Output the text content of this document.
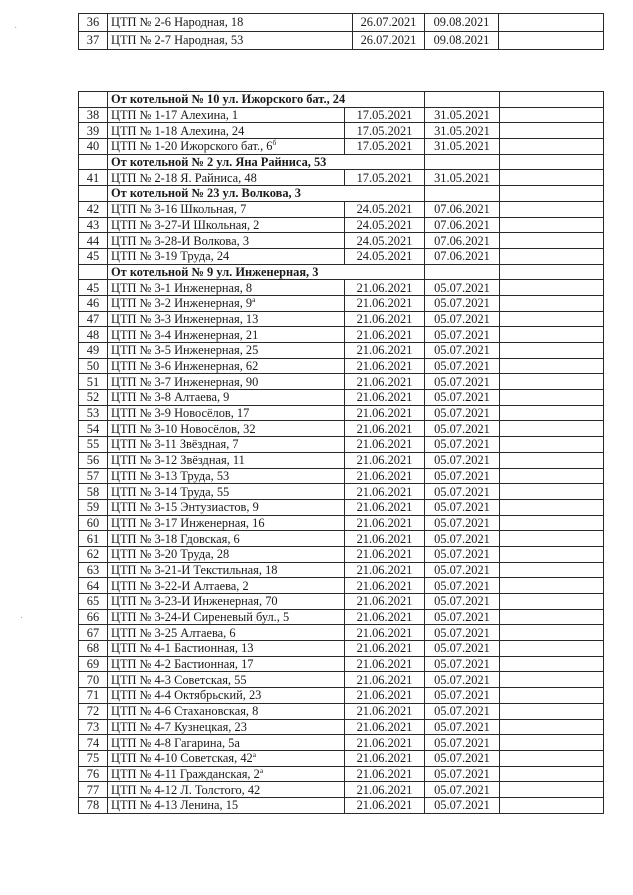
·
·
36	ЦТП № 2-6 Народная, 18	26.07.2021	09.08.2021	
37	ЦТП № 2-7 Народная, 53	26.07.2021	09.08.2021	
	От котельной № 10 ул. Ижорского бат., 24			
38	ЦТП № 1-17 Алехина, 1	17.05.2021	31.05.2021	
39	ЦТП № 1-18 Алехина, 24	17.05.2021	31.05.2021	
40	ЦТП № 1-20 Ижорского бат., $6^б$	17.05.2021	31.05.2021	
	От котельной № 2 ул. Яна Райниса, 53			
41	ЦТП № 2-18 Я. Райниса, 48	17.05.2021	31.05.2021	
	От котельной № 23 ул. Волкова, 3			
42	ЦТП № 3-16 Школьная, 7	24.05.2021	07.06.2021	
43	ЦТП № 3-27-И Школьная, 2	24.05.2021	07.06.2021	
44	ЦТП № 3-28-И Волкова, 3	24.05.2021	07.06.2021	
45	ЦТП № 3-19 Труда, 24	24.05.2021	07.06.2021	
	От котельной № 9 ул. Инженерная, 3			
45	ЦТП № 3-1 Инженерная, 8	21.06.2021	05.07.2021	
46	ЦТП № 3-2 Инженерная, $9^а$	21.06.2021	05.07.2021	
47	ЦТП № 3-3 Инженерная, 13	21.06.2021	05.07.2021	
48	ЦТП № 3-4 Инженерная, 21	21.06.2021	05.07.2021	
49	ЦТП № 3-5 Инженерная, 25	21.06.2021	05.07.2021	
50	ЦТП № 3-6 Инженерная, 62	21.06.2021	05.07.2021	
51	ЦТП № 3-7 Инженерная, 90	21.06.2021	05.07.2021	
52	ЦТП № 3-8 Алтаева, 9	21.06.2021	05.07.2021	
53	ЦТП № 3-9 Новосёлов, 17	21.06.2021	05.07.2021	
54	ЦТП № 3-10 Новосёлов, 32	21.06.2021	05.07.2021	
55	ЦТП № 3-11 Звёздная, 7	21.06.2021	05.07.2021	
56	ЦТП № 3-12 Звёздная, 11	21.06.2021	05.07.2021	
57	ЦТП № 3-13 Труда, 53	21.06.2021	05.07.2021	
58	ЦТП № 3-14 Труда, 55	21.06.2021	05.07.2021	
59	ЦТП № 3-15 Энтузиастов, 9	21.06.2021	05.07.2021	
60	ЦТП № 3-17 Инженерная, 16	21.06.2021	05.07.2021	
61	ЦТП № 3-18 Гдовская, 6	21.06.2021	05.07.2021	
62	ЦТП № 3-20 Труда, 28	21.06.2021	05.07.2021	
63	ЦТП № 3-21-И Текстильная, 18	21.06.2021	05.07.2021	
64	ЦТП № 3-22-И Алтаева, 2	21.06.2021	05.07.2021	
65	ЦТП № 3-23-И Инженерная, 70	21.06.2021	05.07.2021	
66	ЦТП № 3-24-И Сиреневый бул., 5	21.06.2021	05.07.2021	
67	ЦТП № 3-25 Алтаева, 6	21.06.2021	05.07.2021	
68	ЦТП № 4-1 Бастионная, 13	21.06.2021	05.07.2021	
69	ЦТП № 4-2 Бастионная, 17	21.06.2021	05.07.2021	
70	ЦТП № 4-3 Советская, 55	21.06.2021	05.07.2021	
71	ЦТП № 4-4 Октябрьский, 23	21.06.2021	05.07.2021	
72	ЦТП № 4-6 Стахановская, 8	21.06.2021	05.07.2021	
73	ЦТП № 4-7 Кузнецкая, 23	21.06.2021	05.07.2021	
74	ЦТП № 4-8 Гагарина, 5а	21.06.2021	05.07.2021	
75	ЦТП № 4-10 Советская, $42^а$	21.06.2021	05.07.2021	
76	ЦТП № 4-11 Гражданская, $2^а$	21.06.2021	05.07.2021	
77	ЦТП № 4-12 Л. Толстого, 42	21.06.2021	05.07.2021	
78	ЦТП № 4-13 Ленина, 15	21.06.2021	05.07.2021	
